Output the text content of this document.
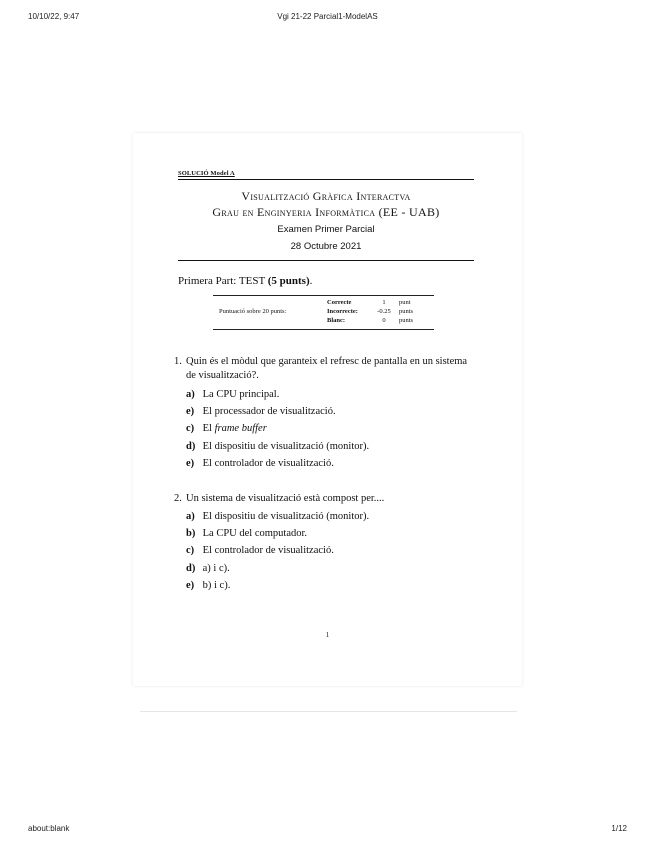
10/10/22, 9:47	Vgi 21-22 Parcial1-ModelAS
SOLUCIÓ Model A
Visualització Gràfica Interactva
Grau en Enginyeria Informàtica (EE - UAB)
Examen Primer Parcial
28 Octubre 2021
Primera Part: TEST (5 punts).
Puntuació sobre 20 punts:
Correcte	1	punt
Incorrecte:	-0.25	punts
Blanc:	0	punts
1. Quin és el mòdul que garanteix el refresc de pantalla en un sistema
de visualització?.
a) La CPU principal.
e) El processador de visualització.
c) El frame buffer
d) El dispositiu de visualització (monitor).
e) El controlador de visualització.
2. Un sistema de visualització està compost per....
a) El dispositiu de visualització (monitor).
b) La CPU del computador.
c) El controlador de visualització.
d) a) i c).
e) b) i c).
1
about:blank	1/12
